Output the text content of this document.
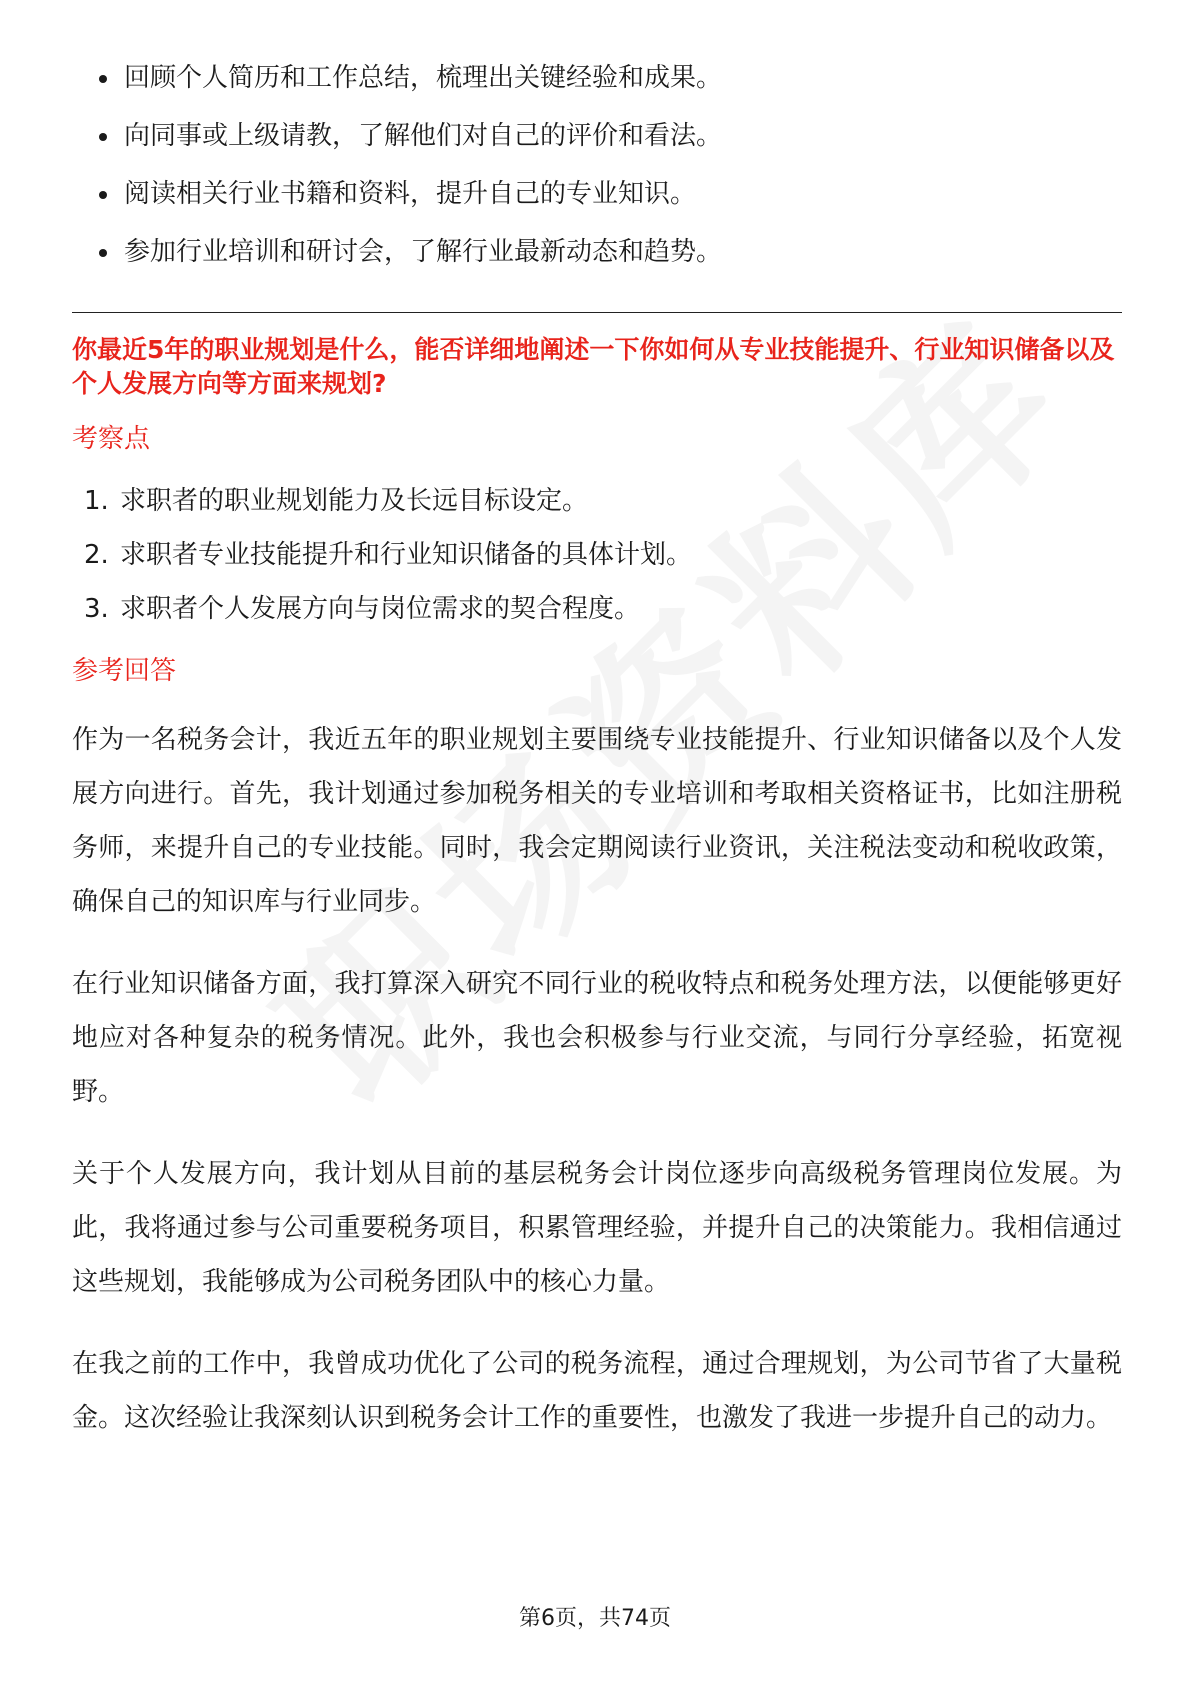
回顾个人简历和工作总结，梳理出关键经验和成果。
向同事或上级请教，了解他们对自己的评价和看法。
阅读相关行业书籍和资料，提升自己的专业知识。
参加行业培训和研讨会，了解行业最新动态和趋势。
你最近5年的职业规划是什么，能否详细地阐述一下你如何从专业技能提升、行业知识储备以及个人发展方向等方面来规划?
考察点
1. 求职者的职业规划能力及长远目标设定。
2. 求职者专业技能提升和行业知识储备的具体计划。
3. 求职者个人发展方向与岗位需求的契合程度。
参考回答

作为一名税务会计，我近五年的职业规划主要围绕专业技能提升、行业知识储备以及个人发展方向进行。首先，我计划通过参加税务相关的专业培训和考取相关资格证书，比如注册税务师，来提升自己的专业技能。同时，我会定期阅读行业资讯，关注税法变动和税收政策，确保自己的知识库与行业同步。

在行业知识储备方面，我打算深入研究不同行业的税收特点和税务处理方法，以便能够更好地应对各种复杂的税务情况。此外，我也会积极参与行业交流，与同行分享经验，拓宽视野。

关于个人发展方向，我计划从目前的基层税务会计岗位逐步向高级税务管理岗位发展。为此，我将通过参与公司重要税务项目，积累管理经验，并提升自己的决策能力。我相信通过这些规划，我能够成为公司税务团队中的核心力量。

在我之前的工作中，我曾成功优化了公司的税务流程，通过合理规划，为公司节省了大量税金。这次经验让我深刻认识到税务会计工作的重要性，也激发了我进一步提升自己的动力。

第6页，共74页
